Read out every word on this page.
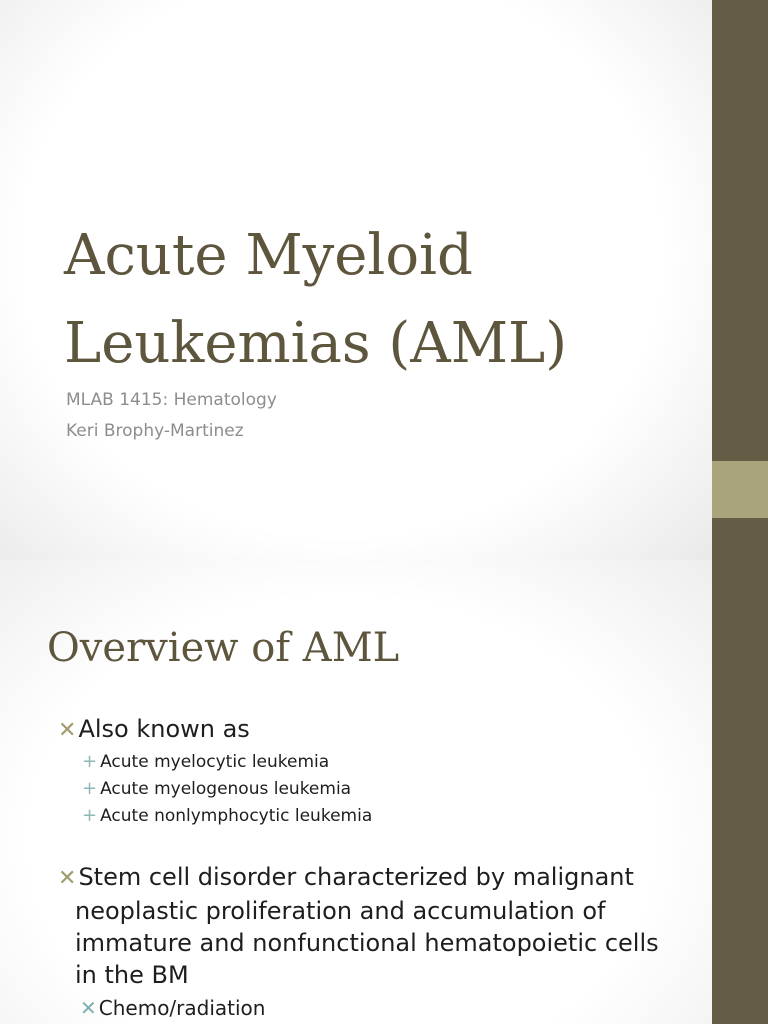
Acute Myeloid
Leukemias (AML)
MLAB 1415: Hematology
Keri Brophy-Martinez
Overview of AML
✕Also known as
+ Acute myelocytic leukemia
+ Acute myelogenous leukemia
+ Acute nonlymphocytic leukemia
✕Stem cell disorder characterized by malignant
neoplastic proliferation and accumulation of
immature and nonfunctional hematopoietic cells
in the BM
✕ Chemo/radiation
